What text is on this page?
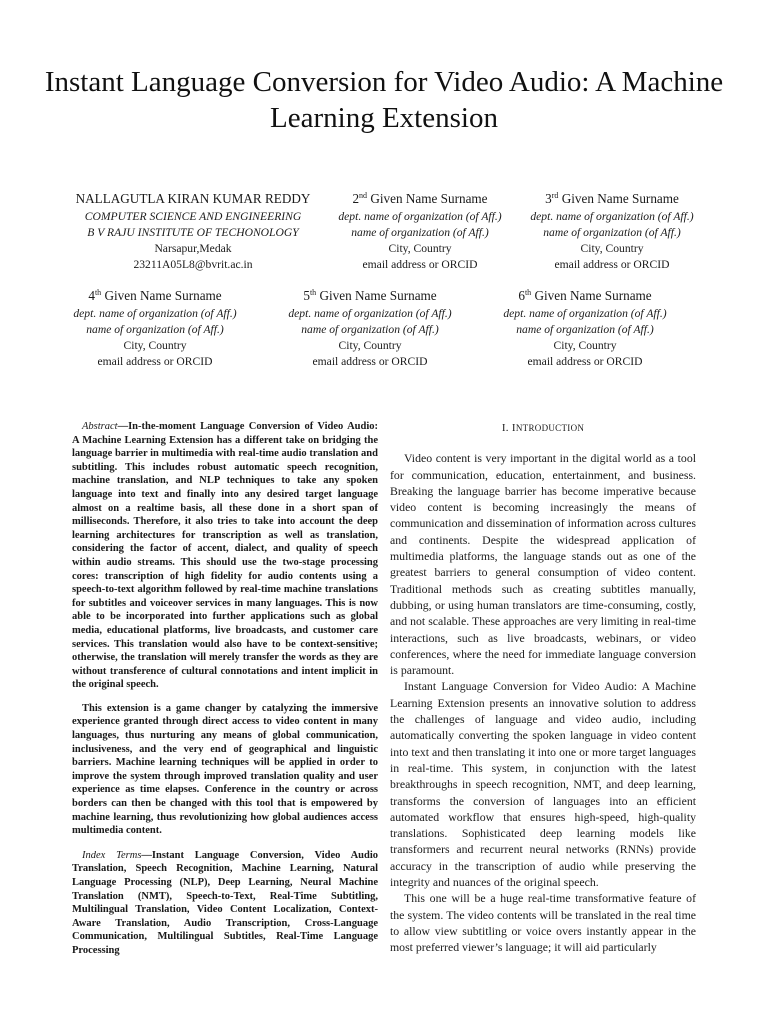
Instant Language Conversion for Video Audio: A Machine Learning Extension
NALLAGUTLA KIRAN KUMAR REDDY
COMPUTER SCIENCE AND ENGINEERING
B V RAJU INSTITUTE OF TECHONOLOGY
Narsapur,Medak
23211A05L8@bvrit.ac.in
2nd Given Name Surname
dept. name of organization (of Aff.)
name of organization (of Aff.)
City, Country
email address or ORCID
3rd Given Name Surname
dept. name of organization (of Aff.)
name of organization (of Aff.)
City, Country
email address or ORCID
4th Given Name Surname
dept. name of organization (of Aff.)
name of organization (of Aff.)
City, Country
email address or ORCID
5th Given Name Surname
dept. name of organization (of Aff.)
name of organization (of Aff.)
City, Country
email address or ORCID
6th Given Name Surname
dept. name of organization (of Aff.)
name of organization (of Aff.)
City, Country
email address or ORCID

Abstract—In-the-moment Language Conversion of Video Audio: A Machine Learning Extension has a different take on bridging the language barrier in multimedia with real-time audio translation and subtitling. This includes robust automatic speech recognition, machine translation, and NLP techniques to take any spoken language into text and finally into any desired target language almost on a realtime basis, all these done in a short span of milliseconds. Therefore, it also tries to take into account the deep learning architectures for transcription as well as translation, considering the factor of accent, dialect, and quality of speech within audio streams. This should use the two-stage processing cores: transcription of high fidelity for audio contents using a speech-to-text algorithm followed by real-time machine translations for subtitles and voiceover services in many languages. This is now able to be incorporated into further applications such as global media, educational platforms, live broadcasts, and customer care services. This translation would also have to be context-sensitive; otherwise, the translation will merely transfer the words as they are without transference of cultural connotations and intent implicit in the original speech.

This extension is a game changer by catalyzing the immersive experience granted through direct access to video content in many languages, thus nurturing any means of global communication, inclusiveness, and the very end of geographical and linguistic barriers. Machine learning techniques will be applied in order to improve the system through improved translation quality and user experience as time elapses. Conference in the country or across borders can then be changed with this tool that is empowered by machine learning, thus revolutionizing how global audiences access multimedia content.

Index Terms—Instant Language Conversion, Video Audio Translation, Speech Recognition, Machine Learning, Natural Language Processing (NLP), Deep Learning, Neural Machine Translation (NMT), Speech-to-Text, Real-Time Subtitling, Multilingual Translation, Video Content Localization, Context-Aware Translation, Audio Transcription, Cross-Language Communication, Multilingual Subtitles, Real-Time Language Processing

I. INTRODUCTION

Video content is very important in the digital world as a tool for communication, education, entertainment, and business. Breaking the language barrier has become imperative because video content is becoming increasingly the means of communication and dissemination of information across cultures and continents. Despite the widespread application of multimedia platforms, the language stands out as one of the greatest barriers to general consumption of video content. Traditional methods such as creating subtitles manually, dubbing, or using human translators are time-consuming, costly, and not scalable. These approaches are very limiting in real-time interactions, such as live broadcasts, webinars, or video conferences, where the need for immediate language conversion is paramount.

Instant Language Conversion for Video Audio: A Machine Learning Extension presents an innovative solution to address the challenges of language and video audio, including automatically converting the spoken language in video content into text and then translating it into one or more target languages in real-time. This system, in conjunction with the latest breakthroughs in speech recognition, NMT, and deep learning, transforms the conversion of languages into an efficient automated workflow that ensures high-speed, high-quality translations. Sophisticated deep learning models like transformers and recurrent neural networks (RNNs) provide accuracy in the transcription of audio while preserving the integrity and nuances of the original speech.

This one will be a huge real-time transformative feature of the system. The video contents will be translated in the real time to allow view subtitling or voice overs instantly appear in the most preferred viewer’s language; it will aid particularly
